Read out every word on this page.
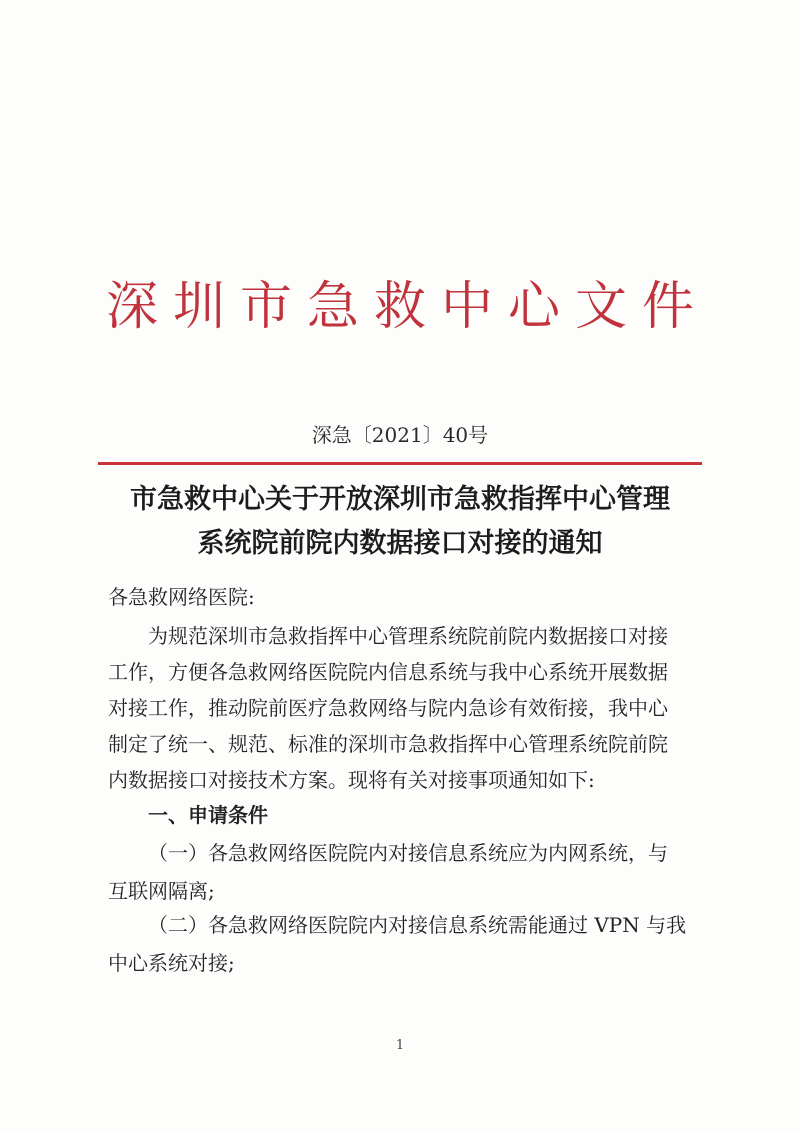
深圳市急救中心文件
深急〔2021〕40号
市急救中心关于开放深圳市急救指挥中心管理
系统院前院内数据接口对接的通知
各急救网络医院:
为规范深圳市急救指挥中心管理系统院前院内数据接口对接
工作，方便各急救网络医院院内信息系统与我中心系统开展数据
对接工作，推动院前医疗急救网络与院内急诊有效衔接，我中心
制定了统一、规范、标准的深圳市急救指挥中心管理系统院前院
内数据接口对接技术方案。现将有关对接事项通知如下:
一、申请条件
（一）各急救网络医院院内对接信息系统应为内网系统，与
互联网隔离;
（二）各急救网络医院院内对接信息系统需能通过 VPN 与我
中心系统对接;
1
